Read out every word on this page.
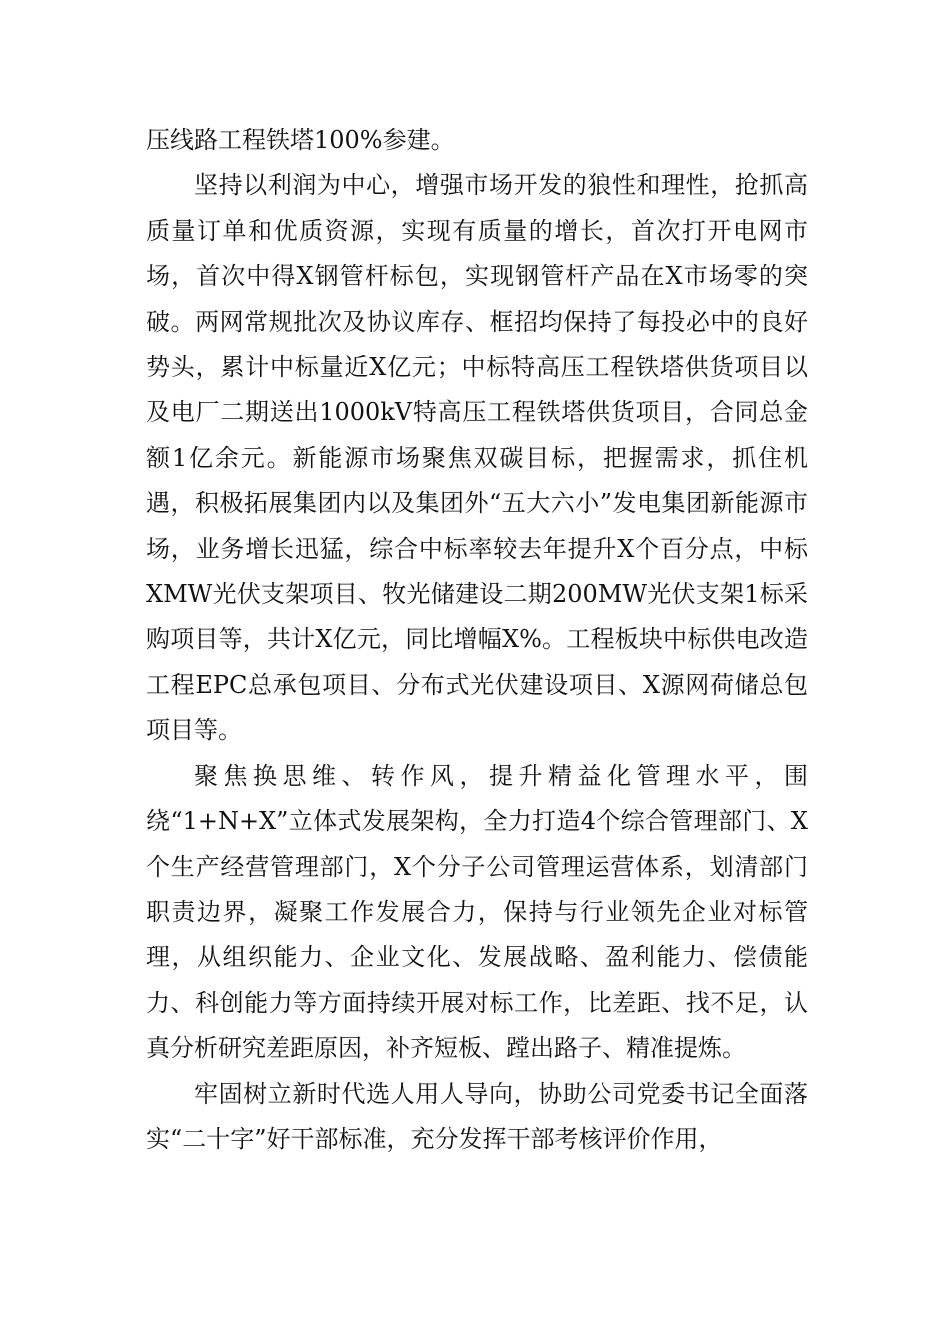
压线路工程铁塔100%参建。

坚持以利润为中心，增强市场开发的狼性和理性，抢抓高质量订单和优质资源，实现有质量的增长，首次打开电网市场，首次中得X钢管杆标包，实现钢管杆产品在X市场零的突破。两网常规批次及协议库存、框招均保持了每投必中的良好势头，累计中标量近X亿元；中标特高压工程铁塔供货项目以及电厂二期送出1000kV特高压工程铁塔供货项目，合同总金额1亿余元。新能源市场聚焦双碳目标，把握需求，抓住机遇，积极拓展集团内以及集团外“五大六小”发电集团新能源市场，业务增长迅猛，综合中标率较去年提升X个百分点，中标XMW光伏支架项目、牧光储建设二期200MW光伏支架1标采购项目等，共计X亿元，同比增幅X%。工程板块中标供电改造工程EPC总承包项目、分布式光伏建设项目、X源网荷储总包项目等。

聚焦换思维、转作风，提升精益化管理水平，围绕“1+N+X”立体式发展架构，全力打造4个综合管理部门、X个生产经营管理部门，X个分子公司管理运营体系，划清部门职责边界，凝聚工作发展合力，保持与行业领先企业对标管理，从组织能力、企业文化、发展战略、盈利能力、偿债能力、科创能力等方面持续开展对标工作，比差距、找不足，认真分析研究差距原因，补齐短板、蹚出路子、精准提炼。

牢固树立新时代选人用人导向，协助公司党委书记全面落实“二十字”好干部标准，充分发挥干部考核评价作用，
